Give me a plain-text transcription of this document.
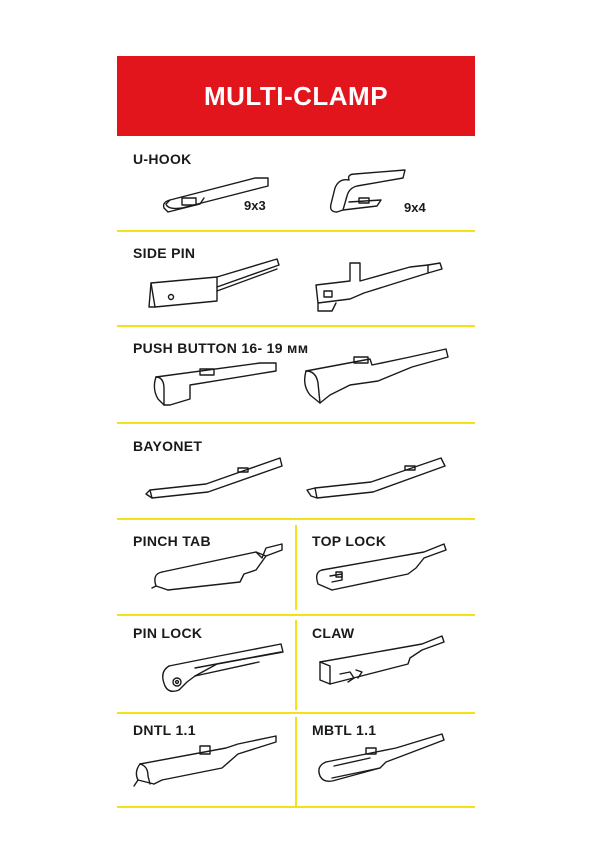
MULTI-CLAMP
U-HOOK
9x3	9x4
SIDE PIN
PUSH BUTTON 16- 19 мм
BAYONET
PINCH TAB	TOP LOCK
PIN LOCK	CLAW
DNTL 1.1	MBTL 1.1
